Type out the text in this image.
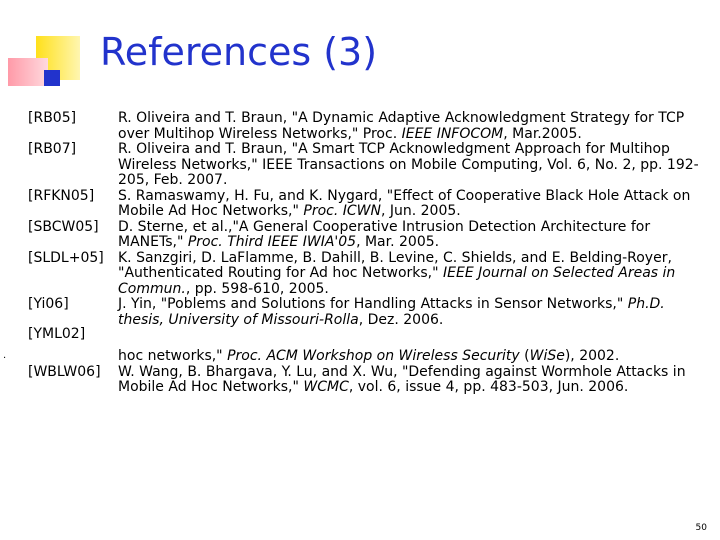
References (3)
[RB05]	R. Oliveira and T. Braun, "A Dynamic Adaptive Acknowledgment Strategy for TCP over Multihop Wireless Networks," Proc. IEEE INFOCOM, Mar.2005.
[RB07]	R. Oliveira and T. Braun, "A Smart TCP Acknowledgment Approach for Multihop Wireless Networks," IEEE Transactions on Mobile Computing, Vol. 6, No. 2, pp. 192-205, Feb. 2007.
[RFKN05] S. Ramaswamy, H. Fu, and K. Nygard, "Effect of Cooperative Black Hole Attack on Mobile Ad Hoc Networks," Proc. ICWN, Jun. 2005.
[SBCW05] D. Sterne, et al.,"A General Cooperative Intrusion Detection Architecture for MANETs," Proc. Third IEEE IWIA'05, Mar. 2005.
[SLDL+05] K. Sanzgiri, D. LaFlamme, B. Dahill, B. Levine, C. Shields, and E. Belding-Royer, "Authenticated Routing for Ad hoc Networks," IEEE Journal on Selected Areas in Commun., pp. 598-610, 2005.
[Yi06]	J. Yin, "Poblems and Solutions for Handling Attacks in Sensor Networks," Ph.D. thesis, University of Missouri-Rolla, Dez. 2006.
[YML02]
hoc networks," Proc. ACM Workshop on Wireless Security (WiSe), 2002.
[WBLW06] W. Wang, B. Bhargava, Y. Lu, and X. Wu, "Defending against Wormhole Attacks in Mobile Ad Hoc Networks," WCMC, vol. 6, issue 4, pp. 483-503, Jun. 2006.
.
50
